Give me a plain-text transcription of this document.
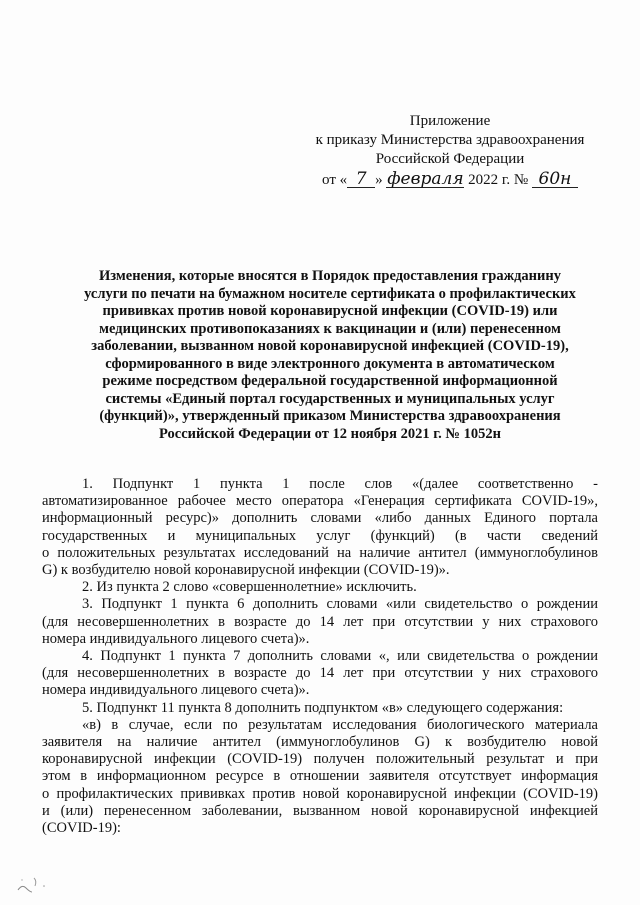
Приложение
к приказу Министерства здравоохранения
Российской Федерации
от « 7 » февраля 2022 г. № 60н
Изменения, которые вносятся в Порядок предоставления гражданину
услуги по печати на бумажном носителе сертификата о профилактических
прививках против новой коронавирусной инфекции (COVID-19) или
медицинских противопоказаниях к вакцинации и (или) перенесенном
заболевании, вызванном новой коронавирусной инфекцией (COVID-19),
сформированного в виде электронного документа в автоматическом
режиме посредством федеральной государственной информационной
системы «Единый портал государственных и муниципальных услуг
(функций)», утвержденный приказом Министерства здравоохранения
Российской Федерации от 12 ноября 2021 г. № 1052н
1. Подпункт 1 пункта 1 после слов «(далее соответственно -
автоматизированное рабочее место оператора «Генерация сертификата COVID-19»,
информационный ресурс)» дополнить словами «либо данных Единого портала
государственных и муниципальных услуг (функций) (в части сведений
о положительных результатах исследований на наличие антител (иммуноглобулинов
G) к возбудителю новой коронавирусной инфекции (COVID-19)».
2. Из пункта 2 слово «совершеннолетние» исключить.
3. Подпункт 1 пункта 6 дополнить словами «или свидетельство о рождении
(для несовершеннолетних в возрасте до 14 лет при отсутствии у них страхового
номера индивидуального лицевого счета)».
4. Подпункт 1 пункта 7 дополнить словами «, или свидетельства о рождении
(для несовершеннолетних в возрасте до 14 лет при отсутствии у них страхового
номера индивидуального лицевого счета)».
5. Подпункт 11 пункта 8 дополнить подпунктом «в» следующего содержания:
«в) в случае, если по результатам исследования биологического материала
заявителя на наличие антител (иммуноглобулинов G) к возбудителю новой
коронавирусной инфекции (COVID-19) получен положительный результат и при
этом в информационном ресурсе в отношении заявителя отсутствует информация
о профилактических прививках против новой коронавирусной инфекции (COVID-19)
и (или) перенесенном заболевании, вызванном новой коронавирусной инфекцией
(COVID-19):
